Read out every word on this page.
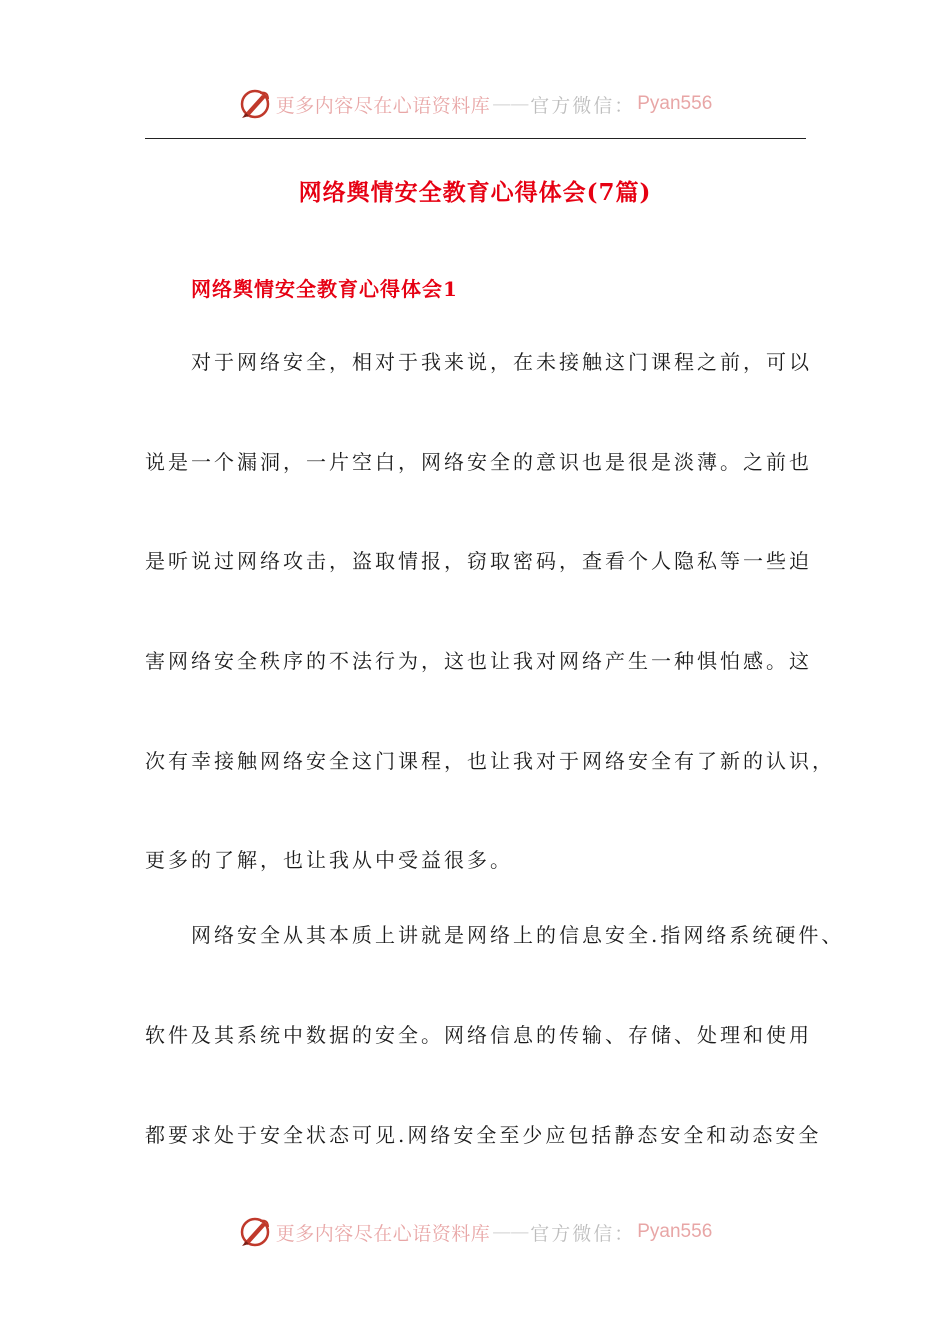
更多内容尽在心语资料库 —— 官方微信： Pyan556
网络舆情安全教育心得体会(7篇)
网络舆情安全教育心得体会1
对于网络安全，相对于我来说，在未接触这门课程之前，可以
说是一个漏洞，一片空白，网络安全的意识也是很是淡薄。之前也
是听说过网络攻击，盗取情报，窃取密码，查看个人隐私等一些迫
害网络安全秩序的不法行为，这也让我对网络产生一种惧怕感。这
次有幸接触网络安全这门课程，也让我对于网络安全有了新的认识，
更多的了解，也让我从中受益很多。
网络安全从其本质上讲就是网络上的信息安全.指网络系统硬件、
软件及其系统中数据的安全。网络信息的传输、存储、处理和使用
都要求处于安全状态可见.网络安全至少应包括静态安全和动态安全
更多内容尽在心语资料库 —— 官方微信： Pyan556
